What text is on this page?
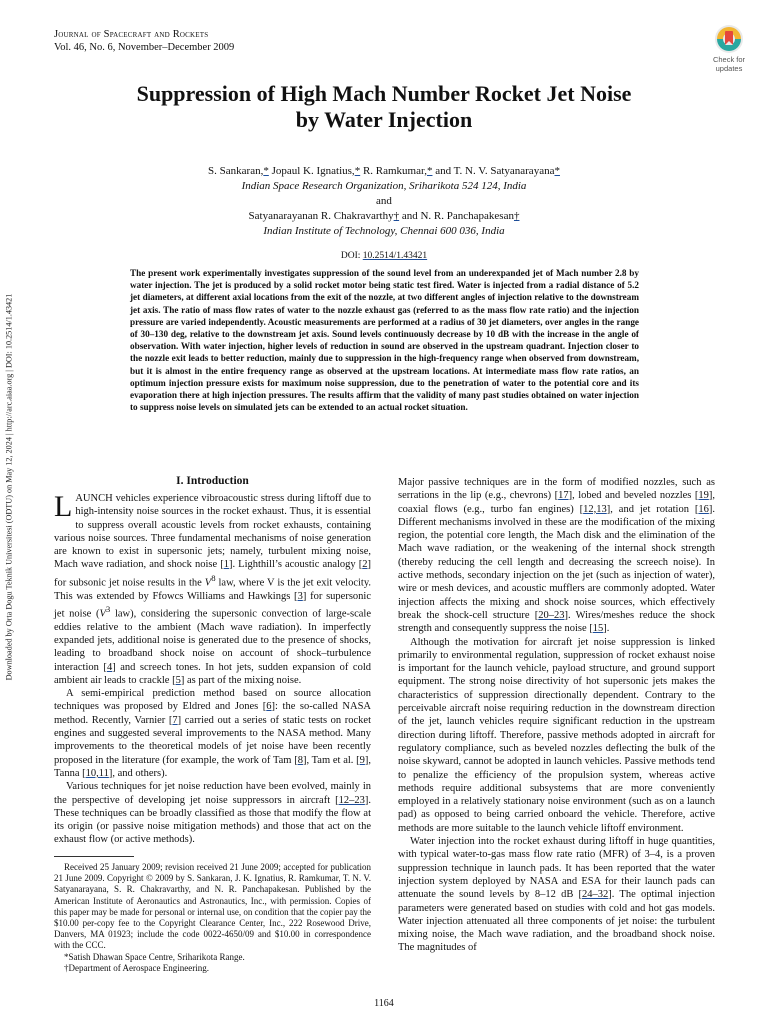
Journal of Spacecraft and Rockets
Vol. 46, No. 6, November–December 2009
Check for
updates
Suppression of High Mach Number Rocket Jet Noise
by Water Injection
S. Sankaran,* Jopaul K. Ignatius,* R. Ramkumar,* and T. N. V. Satyanarayana*
Indian Space Research Organization, Sriharikota 524 124, India
and
Satyanarayanan R. Chakravarthy† and N. R. Panchapakesan†
Indian Institute of Technology, Chennai 600 036, India
DOI: 10.2514/1.43421
The present work experimentally investigates suppression of the sound level from an underexpanded jet of Mach number 2.8 by water injection. The jet is produced by a solid rocket motor being static test fired. Water is injected from a radial distance of 5.2 jet diameters, at different axial locations from the exit of the nozzle, at two different angles of injection relative to the downstream jet axis. The ratio of mass flow rates of water to the nozzle exhaust gas (referred to as the mass flow rate ratio) and the injection pressure are varied independently. Acoustic measurements are performed at a radius of 30 jet diameters, over angles in the range of 30–130 deg, relative to the downstream jet axis. Sound levels continuously decrease by 10 dB with the increase in the angle of observation. With water injection, higher levels of reduction in sound are observed in the upstream quadrant. Injection closer to the nozzle exit leads to better reduction, mainly due to suppression in the high-frequency range when observed from downstream, but it is almost in the entire frequency range as observed at the upstream locations. At intermediate mass flow rate ratios, an optimum injection pressure exists for maximum noise suppression, due to the penetration of water to the potential core and its evaporation there at high injection pressures. The results affirm that the validity of many past studies obtained on water injection to suppress noise levels on simulated jets can be extended to an actual rocket situation.
Downloaded by Orta Dogu Teknik Universitesi (ODTU) on May 12, 2024 | http://arc.aiaa.org | DOI: 10.2514/1.43421	I. Introduction

LAUNCH vehicles experience vibroacoustic stress during liftoff due to high-intensity noise sources in the rocket exhaust. Thus, it is essential to suppress overall acoustic levels from rocket exhausts, containing various noise sources. Three fundamental mechanisms of noise generation are known to exist in supersonic jets; namely, turbulent mixing noise, Mach wave radiation, and shock noise [1]. Lighthill’s acoustic analogy [2] for subsonic jet noise results in the $V^8$ law, where V is the jet exit velocity. This was extended by Ffowcs Williams and Hawkings [3] for supersonic jet noise ($V^3$ law), considering the supersonic convection of large-scale eddies relative to the ambient (Mach wave radiation). In imperfectly expanded jets, additional noise is generated due to the presence of shocks, leading to broadband shock noise on account of shock–turbulence interaction [4] and screech tones. In hot jets, sudden expansion of cold ambient air leads to crackle [5] as part of the mixing noise.

A semi-empirical prediction method based on source allocation techniques was proposed by Eldred and Jones [6]: the so-called NASA method. Recently, Varnier [7] carried out a series of static tests on rocket engines and suggested several improvements to the NASA method. Many improvements to the theoretical models of jet noise have been recently proposed in the literature (for example, the work of Tam [8], Tam et al. [9], Tanna [10,11], and others).

Various techniques for jet noise reduction have been evolved, mainly in the perspective of developing jet noise suppressors in aircraft [12–23]. These techniques can be broadly classified as those that modify the flow at its origin (or passive noise mitigation methods) and those that act on the exhaust flow (or active methods).

Received 25 January 2009; revision received 21 June 2009; accepted for publication 21 June 2009. Copyright © 2009 by S. Sankaran, J. K. Ignatius, R. Ramkumar, T. N. V. Satyanarayana, S. R. Chakravarthy, and N. R. Panchapakesan. Published by the American Institute of Aeronautics and Astronautics, Inc., with permission. Copies of this paper may be made for personal or internal use, on condition that the copier pay the $10.00 per-copy fee to the Copyright Clearance Center, Inc., 222 Rosewood Drive, Danvers, MA 01923; include the code 0022-4650/09 and $10.00 in correspondence with the CCC.

*Satish Dhawan Space Centre, Sriharikota Range.

†Department of Aerospace Engineering.

Major passive techniques are in the form of modified nozzles, such as serrations in the lip (e.g., chevrons) [17], lobed and beveled nozzles [19], coaxial flows (e.g., turbo fan engines) [12,13], and jet rotation [16]. Different mechanisms involved in these are the modification of the mixing region, the potential core length, the Mach disk and the elimination of the Mach wave radiation, or the weakening of the internal shock strength (thereby reducing the cell length and decreasing the screech noise). In active methods, secondary injection on the jet (such as injection of water), wire or mesh devices, and acoustic mufflers are commonly adopted. Water injection affects the mixing and shock noise sources, which effectively break the shock-cell structure [20–23]. Wires/meshes reduce the shock strength and consequently suppress the noise [15].

Although the motivation for aircraft jet noise suppression is linked primarily to environmental regulation, suppression of rocket exhaust noise is important for the launch vehicle, payload structure, and ground support equipment. The strong noise directivity of hot supersonic jets makes the characteristics of suppression directionally dependent. Contrary to the perceivable aircraft noise requiring reduction in the downstream direction of the jet, launch vehicles require significant reduction in the upstream direction during liftoff. Therefore, passive methods adopted in aircraft for regulatory compliance, such as beveled nozzles deflecting the bulk of the noise skyward, cannot be adopted in launch vehicles. Passive methods tend to penalize the efficiency of the propulsion system, whereas active methods require additional subsystems that are more conveniently employed in a relatively stationary noise environment (such as on a launch pad) as opposed to being carried onboard the vehicle. Therefore, active methods are more suitable to the launch vehicle liftoff environment.

Water injection into the rocket exhaust during liftoff in huge quantities, with typical water-to-gas mass flow rate ratio (MFR) of 3–4, is a proven suppression technique in launch pads. It has been reported that the water injection system deployed by NASA and ESA for their launch pads can attenuate the sound levels by 8–12 dB [24–32]. The optimal injection parameters were generated based on studies with cold and hot gas models. Water injection attenuated all three components of jet noise: the turbulent mixing noise, the Mach wave radiation, and the broadband shock noise. The magnitudes of

1164
